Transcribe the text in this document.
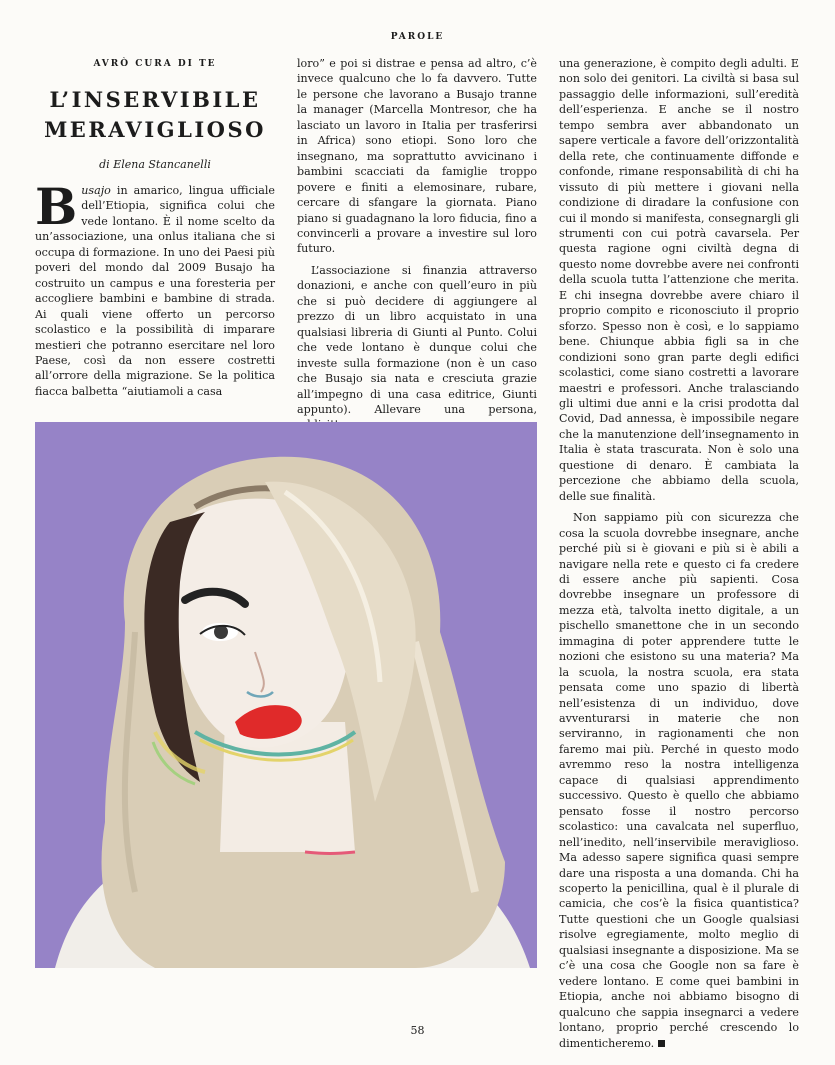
PAROLE
AVRÒ CURA DI TE
L’INSERVIBILE MERAVIGLIOSO
di Elena Stancanelli

Busajo in amarico, lingua ufficiale dell’Etiopia, significa colui che vede lontano. È il nome scelto da un’associazione, una onlus italiana che si occupa di formazione. In uno dei Paesi più poveri del mondo dal 2009 Busajo ha costruito un campus e una foresteria per accogliere bambini e bambine di strada. Ai quali viene offerto un percorso scolastico e la possibilità di imparare mestieri che potranno esercitare nel loro Paese, così da non essere costretti all’orrore della migrazione. Se la politica fiacca balbetta “aiutiamoli a casa

loro” e poi si distrae e pensa ad altro, c’è invece qualcuno che lo fa davvero. Tutte le persone che lavorano a Busajo tranne la manager (Marcella Montresor, che ha lasciato un lavoro in Italia per trasferirsi in Africa) sono etiopi. Sono loro che insegnano, ma soprattutto avvicinano i bambini scacciati da famiglie troppo povere e finiti a elemosinare, rubare, cercare di sfangare la giornata. Piano piano si guadagnano la loro fiducia, fino a convincerli a provare a investire sul loro futuro.

L’associazione si finanzia attraverso donazioni, e anche con quell’euro in più che si può decidere di aggiungere al prezzo di un libro acquistato in una qualsiasi libreria di Giunti al Punto. Colui che vede lontano è dunque colui che investe sulla formazione (non è un caso che Busajo sia nata e cresciuta grazie all’impegno di una casa editrice, Giunti appunto). Allevare una persona,

una generazione, è compito degli adulti. E non solo dei genitori. La civiltà si basa sul passaggio delle informazioni, sull’eredità dell’esperienza. E anche se il nostro tempo sembra aver abbandonato un sapere verticale a favore dell’orizzontalità della rete, che continuamente diffonde e confonde, rimane responsabilità di chi ha vissuto di più mettere i giovani nella condizione di diradare la confusione con cui il mondo si manifesta, consegnargli gli strumenti con cui potrà cavarsela. Per questa ragione ogni civiltà degna di questo nome dovrebbe avere nei confronti della scuola tutta l’attenzione che merita. E chi insegna dovrebbe avere chiaro il proprio compito e riconosciuto il proprio sforzo. Spesso non è così, e lo sappiamo bene. Chiunque abbia figli sa in che condizioni sono gran parte degli edifici scolastici, come siano costretti a lavorare maestri e professori. Anche tralasciando gli ultimi due anni e la crisi prodotta dal Covid, Dad annessa, è impossibile negare che la manutenzione dell’insegnamento in Italia è stata trascurata. Non è solo una questione di denaro. È cambiata la percezione che abbiamo della scuola, delle sue finalità.

Non sappiamo più con sicurezza che cosa la scuola dovrebbe insegnare, anche perché più si è giovani e più si è abili a navigare nella rete e questo ci fa credere di essere anche più sapienti. Cosa dovrebbe insegnare un professore di mezza età, talvolta inetto digitale, a un pischello smanettone che in un secondo immagina di poter apprendere tutte le nozioni che esistono su una materia? Ma la scuola, la nostra scuola, era stata pensata come uno spazio di libertà nell’esistenza di un individuo, dove avventurarsi in materie che non serviranno, in ragionamenti che non faremo mai più. Perché in questo modo avremmo reso la nostra intelligenza capace di qualsiasi apprendimento successivo. Questo è quello che abbiamo pensato fosse il nostro percorso scolastico: una cavalcata nel superfluo, nell’inedito, nell’inservibile meraviglioso. Ma adesso sapere significa quasi sempre dare una risposta a una domanda. Chi ha scoperto la penicillina, qual è il plurale di camicia, che cos’è la fisica quantistica? Tutte questioni che un Google qualsiasi risolve egregiamente, molto meglio di qualsiasi insegnante a disposizione. Ma se c’è una cosa che Google non sa fare è vedere lontano. E come quei bambini in Etiopia, anche noi abbiamo bisogno di qualcuno che sappia insegnarci a vedere lontano, proprio perché crescendo lo dimenticheremo.

58
